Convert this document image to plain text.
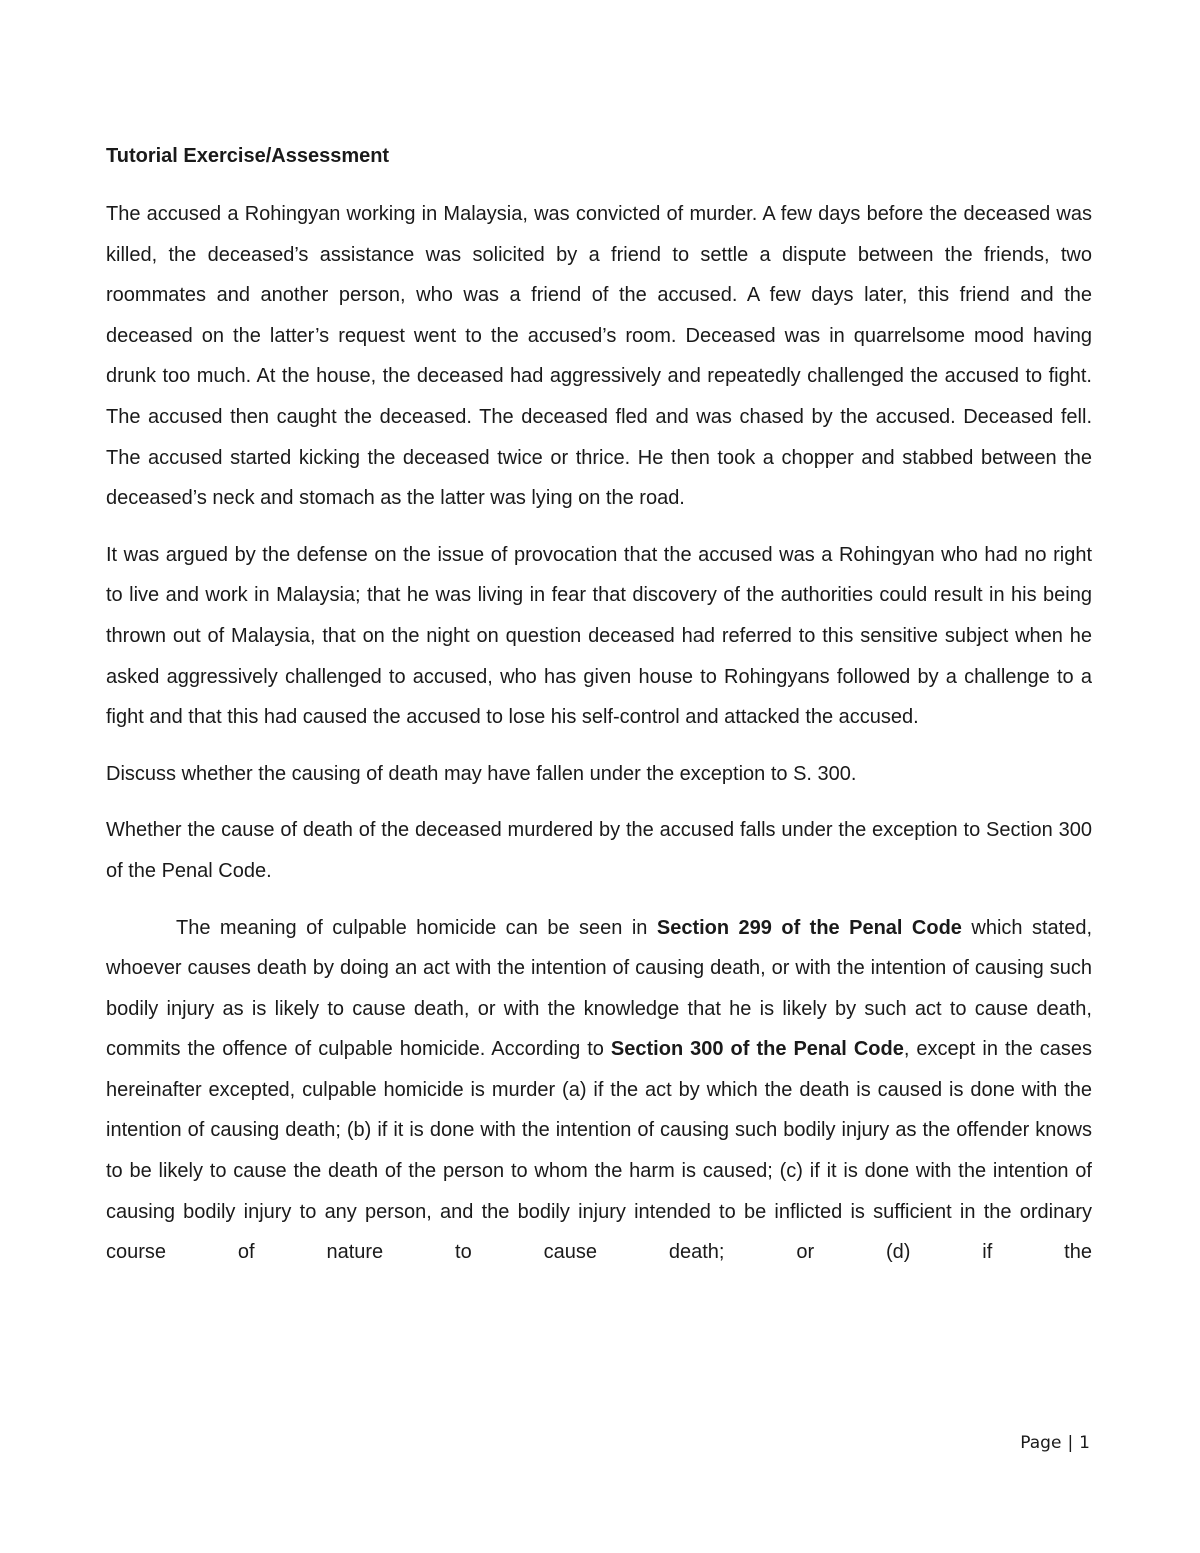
Tutorial Exercise/Assessment

The accused a Rohingyan working in Malaysia, was convicted of murder. A few days before the deceased was killed, the deceased’s assistance was solicited by a friend to settle a dispute between the friends, two roommates and another person, who was a friend of the accused. A few days later, this friend and the deceased on the latter’s request went to the accused’s room. Deceased was in quarrelsome mood having drunk too much. At the house, the deceased had aggressively and repeatedly challenged the accused to fight. The accused then caught the deceased. The deceased fled and was chased by the accused. Deceased fell. The accused started kicking the deceased twice or thrice. He then took a chopper and stabbed between the deceased’s neck and stomach as the latter was lying on the road.

It was argued by the defense on the issue of provocation that the accused was a Rohingyan who had no right to live and work in Malaysia; that he was living in fear that discovery of the authorities could result in his being thrown out of Malaysia, that on the night on question deceased had referred to this sensitive subject when he asked aggressively challenged to accused, who has given house to Rohingyans followed by a challenge to a fight and that this had caused the accused to lose his self-control and attacked the accused.

Discuss whether the causing of death may have fallen under the exception to S. 300.

Whether the cause of death of the deceased murdered by the accused falls under the exception to Section 300 of the Penal Code.

The meaning of culpable homicide can be seen in Section 299 of the Penal Code which stated, whoever causes death by doing an act with the intention of causing death, or with the intention of causing such bodily injury as is likely to cause death, or with the knowledge that he is likely by such act to cause death, commits the offence of culpable homicide. According to Section 300 of the Penal Code, except in the cases hereinafter excepted, culpable homicide is murder (a) if the act by which the death is caused is done with the intention of causing death; (b) if it is done with the intention of causing such bodily injury as the offender knows to be likely to cause the death of the person to whom the harm is caused; (c) if it is done with the intention of causing bodily injury to any person, and the bodily injury intended to be inflicted is sufficient in the ordinary course of nature to cause death; or (d) if the

Page | 1
